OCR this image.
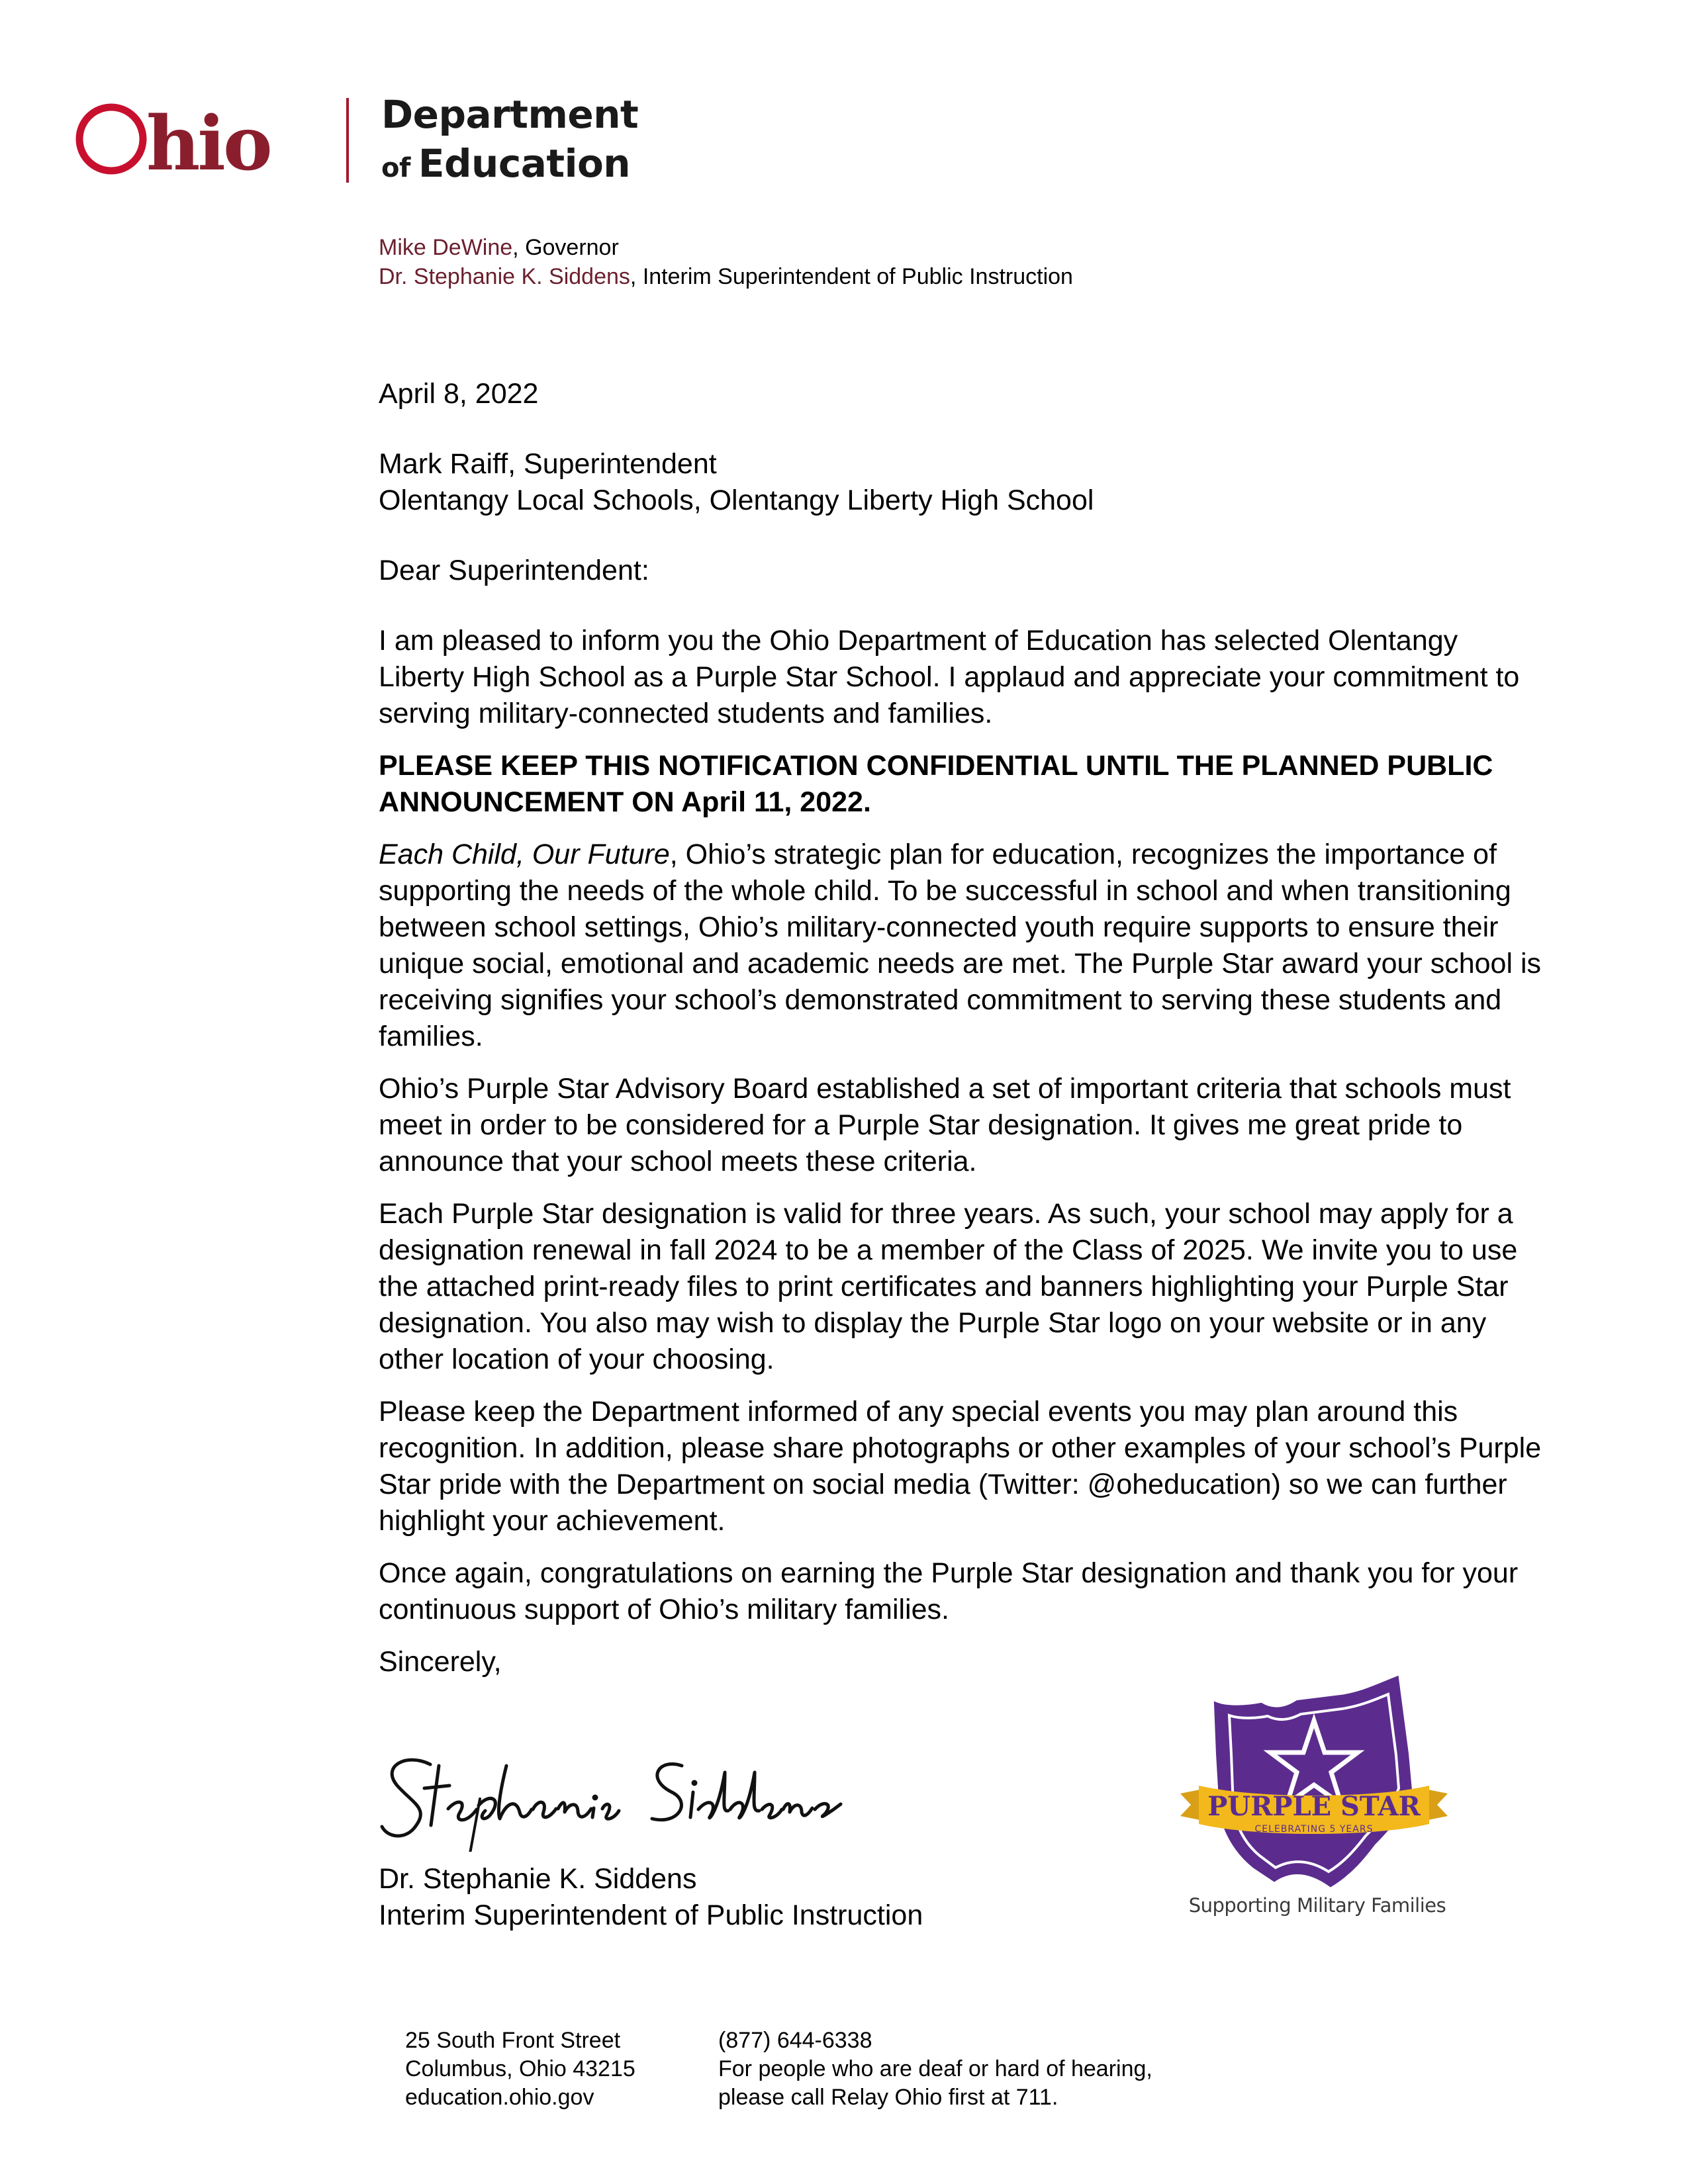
hio	Department
of Education
Mike DeWine, Governor
Dr. Stephanie K. Siddens, Interim Superintendent of Public Instruction

April 8, 2022

Mark Raiff, Superintendent

Olentangy Local Schools, Olentangy Liberty High School

Dear Superintendent:

I am pleased to inform you the Ohio Department of Education has selected Olentangy Liberty High School as a Purple Star School. I applaud and appreciate your commitment to serving military-connected students and families.

PLEASE KEEP THIS NOTIFICATION CONFIDENTIAL UNTIL THE PLANNED PUBLIC ANNOUNCEMENT ON April 11, 2022.

Each Child, Our Future, Ohio’s strategic plan for education, recognizes the importance of supporting the needs of the whole child. To be successful in school and when transitioning between school settings, Ohio’s military-connected youth require supports to ensure their unique social, emotional and academic needs are met. The Purple Star award your school is receiving signifies your school’s demonstrated commitment to serving these students and families.

Ohio’s Purple Star Advisory Board established a set of important criteria that schools must meet in order to be considered for a Purple Star designation. It gives me great pride to announce that your school meets these criteria.

Each Purple Star designation is valid for three years. As such, your school may apply for a designation renewal in fall 2024 to be a member of the Class of 2025. We invite you to use the attached print-ready files to print certificates and banners highlighting your Purple Star designation. You also may wish to display the Purple Star logo on your website or in any other location of your choosing.

Please keep the Department informed of any special events you may plan around this recognition. In addition, please share photographs or other examples of your school’s Purple Star pride with the Department on social media (Twitter: @oheducation) so we can further highlight your achievement.

Once again, congratulations on earning the Purple Star designation and thank you for your continuous support of Ohio’s military families.

Sincerely,

Dr. Stephanie K. Siddens
Interim Superintendent of Public Instruction
PURPLE STAR
CELEBRATING 5 YEARS
Supporting Military Families
25 South Front Street
Columbus, Ohio 43215
education.ohio.gov
(877) 644-6338
For people who are deaf or hard of hearing,
please call Relay Ohio first at 711.
